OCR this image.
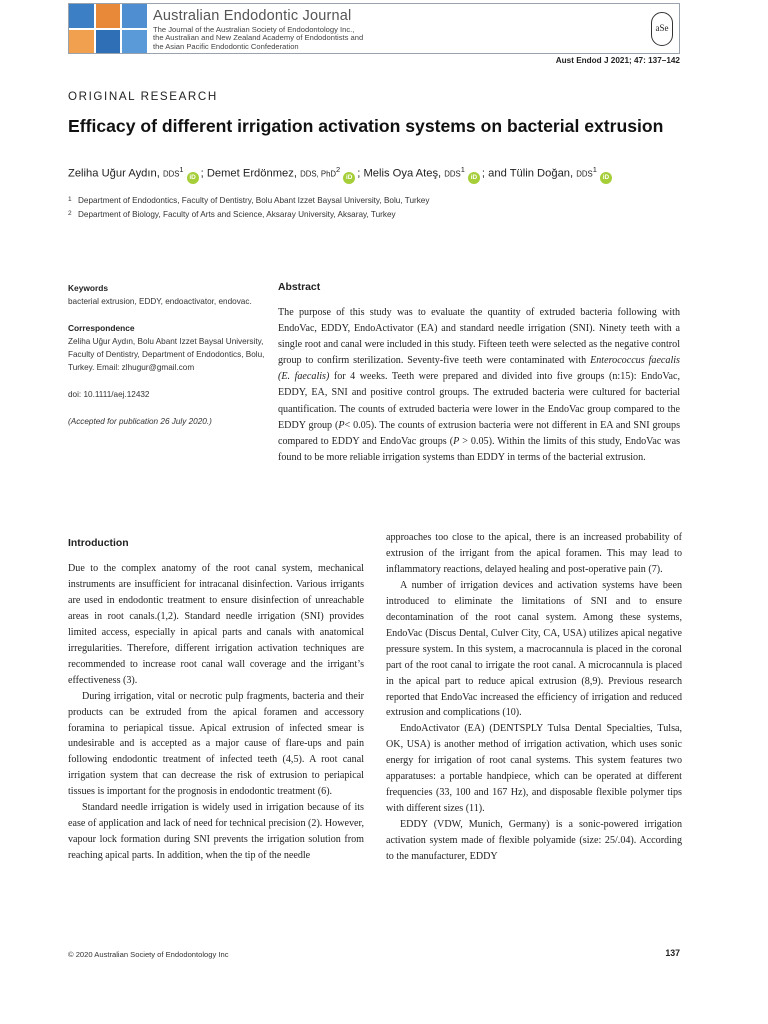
Australian Endodontic Journal
The Journal of the Australian Society of Endodontology Inc.,
the Australian and New Zealand Academy of Endodontists and
the Asian Pacific Endodontic Confederation
aSe
Aust Endod J 2021; 47: 137–142
ORIGINAL RESEARCH
Efficacy of different irrigation activation systems on bacterial extrusion
Zeliha Uğur Aydın, DDS$^1$iD ; Demet Erdönmez, DDS, PhD$^2$iD ; Melis Oya Ateş, DDS$^1$iD ; and Tülin Doğan, DDS$^1$iD
1 Department of Endodontics, Faculty of Dentistry, Bolu Abant Izzet Baysal University, Bolu, Turkey
2 Department of Biology, Faculty of Arts and Science, Aksaray University, Aksaray, Turkey
Keywords

bacterial extrusion, EDDY, endoactivator, endovac.

Correspondence

Zeliha Uğur Aydın, Bolu Abant Izzet Baysal University, Faculty of Dentistry, Department of Endodontics, Bolu, Turkey. Email: zlhugur@gmail.com

doi: 10.1111/aej.12432

(Accepted for publication 26 July 2020.)

Abstract

The purpose of this study was to evaluate the quantity of extruded bacteria following with EndoVac, EDDY, EndoActivator (EA) and standard needle irrigation (SNI). Ninety teeth with a single root and canal were included in this study. Fifteen teeth were selected as the negative control group to confirm sterilization. Seventy-five teeth were contaminated with Enterococcus faecalis (E. faecalis) for 4 weeks. Teeth were prepared and divided into five groups (n:15): EndoVac, EDDY, EA, SNI and positive control groups. The extruded bacteria were cultured for bacterial quantification. The counts of extruded bacteria were lower in the EndoVac group compared to the EDDY group (P< 0.05). The counts of extrusion bacteria were not different in EA and SNI groups compared to EDDY and EndoVac groups (P > 0.05). Within the limits of this study, EndoVac was found to be more reliable irrigation systems than EDDY in terms of the bacterial extrusion.

Introduction

Due to the complex anatomy of the root canal system, mechanical instruments are insufficient for intracanal disinfection. Various irrigants are used in endodontic treatment to ensure disinfection of unreachable areas in root canals.(1,2). Standard needle irrigation (SNI) provides limited access, especially in apical parts and canals with anatomical irregularities. Therefore, different irrigation activation techniques are recommended to increase root canal wall coverage and the irrigant’s effectiveness (3).

During irrigation, vital or necrotic pulp fragments, bacteria and their products can be extruded from the apical foramen and accessory foramina to periapical tissue. Apical extrusion of infected smear is undesirable and is accepted as a major cause of flare-ups and pain following endodontic treatment of infected teeth (4,5). A root canal irrigation system that can decrease the risk of extrusion to periapical tissues is important for the prognosis in endodontic treatment (6).

Standard needle irrigation is widely used in irrigation because of its ease of application and lack of need for technical precision (2). However, vapour lock formation during SNI prevents the irrigation solution from reaching apical parts. In addition, when the tip of the needle

approaches too close to the apical, there is an increased probability of extrusion of the irrigant from the apical foramen. This may lead to inflammatory reactions, delayed healing and post-operative pain (7).

A number of irrigation devices and activation systems have been introduced to eliminate the limitations of SNI and to ensure decontamination of the root canal system. Among these systems, EndoVac (Discus Dental, Culver City, CA, USA) utilizes apical negative pressure system. In this system, a macrocannula is placed in the coronal part of the root canal to irrigate the root canal. A microcannula is placed in the apical part to reduce apical extrusion (8,9). Previous research reported that EndoVac increased the efficiency of irrigation and reduced extrusion and complications (10).

EndoActivator (EA) (DENTSPLY Tulsa Dental Specialties, Tulsa, OK, USA) is another method of irrigation activation, which uses sonic energy for irrigation of root canal systems. This system features two apparatuses: a portable handpiece, which can be operated at different frequencies (33, 100 and 167 Hz), and disposable flexible polymer tips with different sizes (11).

EDDY (VDW, Munich, Germany) is a sonic-powered irrigation activation system made of flexible polyamide (size: 25/.04). According to the manufacturer, EDDY

© 2020 Australian Society of Endodontology Inc	137
